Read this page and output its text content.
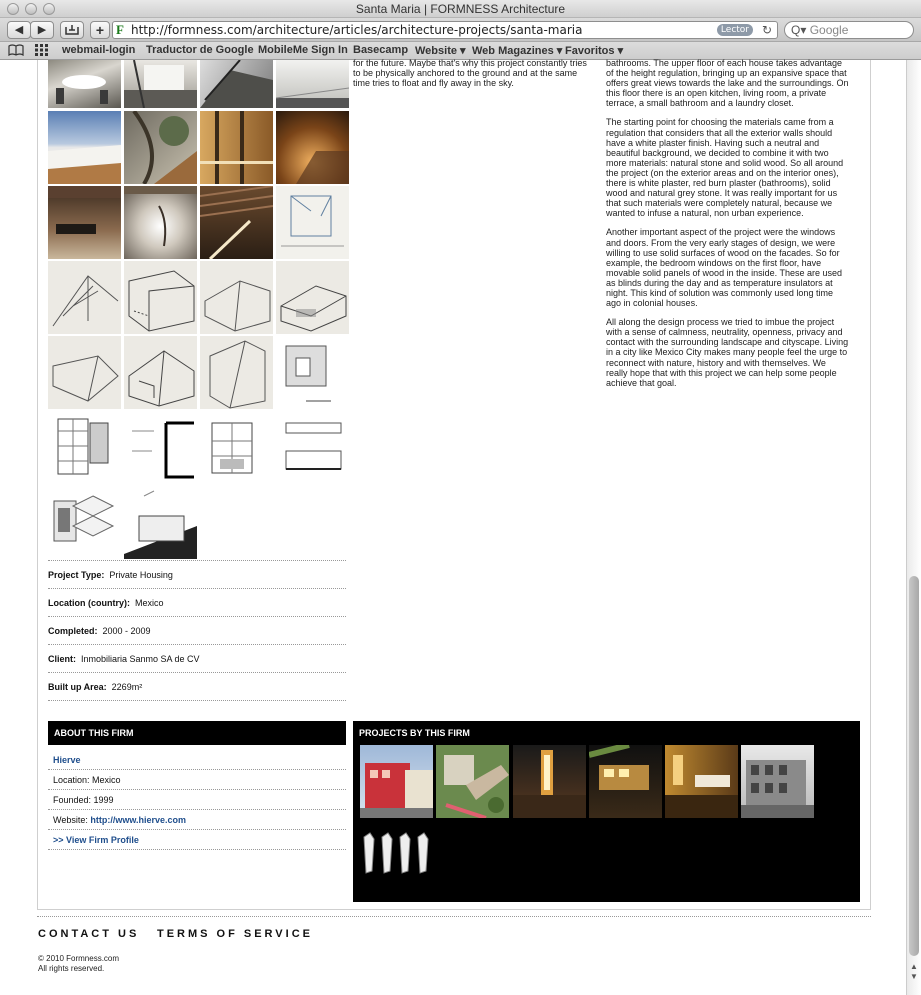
Santa Maria | FORMNESS Architecture
◀	▶	+ F http://formness.com/architecture/articles/architecture-projects/santa-maria	Lector	↻	Q▾ Google
webmail-login Traductor de Google MobileMe Sign In Basecamp Website ▾ Web Magazines ▾ Favoritos ▾

for the future. Maybe that's why this project constantly tries to be physically anchored to the ground and at the same time tries to float and fly away in the sky.

bathrooms. The upper floor of each house takes advantage of the height regulation, bringing up an expansive space that offers great views towards the lake and the surroundings. On this floor there is an open kitchen, living room, a private terrace, a small bathroom and a laundry closet.

The starting point for choosing the materials came from a regulation that considers that all the exterior walls should have a white plaster finish. Having such a neutral and beautiful background, we decided to combine it with two more materials: natural stone and solid wood. So all around the project (on the exterior areas and on the interior ones), there is white plaster, red burn plaster (bathrooms), solid wood and natural grey stone. It was really important for us that such materials were completely natural, because we wanted to infuse a natural, non urban experience.

Another important aspect of the project were the windows and doors. From the very early stages of design, we were willing to use solid surfaces of wood on the facades. So for example, the bedroom windows on the first floor, have movable solid panels of wood in the inside. These are used as blinds during the day and as temperature insulators at night. This kind of solution was commonly used long time ago in colonial houses.

All along the design process we tried to imbue the project with a sense of calmness, neutrality, openness, privacy and contact with the surrounding landscape and cityscape. Living in a city like Mexico City makes many people feel the urge to reconnect with nature, history and with themselves. We really hope that with this project we can help some people achieve that goal.

Project Type: Private Housing
Location (country): Mexico
Completed: 2000 - 2009
Client: Inmobiliaria Sanmo SA de CV
Built up Area: 2269m²
ABOUT THIS FIRM
Hierve
Location: Mexico
Founded: 1999
Website: http://www.hierve.com
>> View Firm Profile
PROJECTS BY THIS FIRM
CONTACT US TERMS OF SERVICE
© 2010 Formness.com
All rights reserved.	▲
▼
